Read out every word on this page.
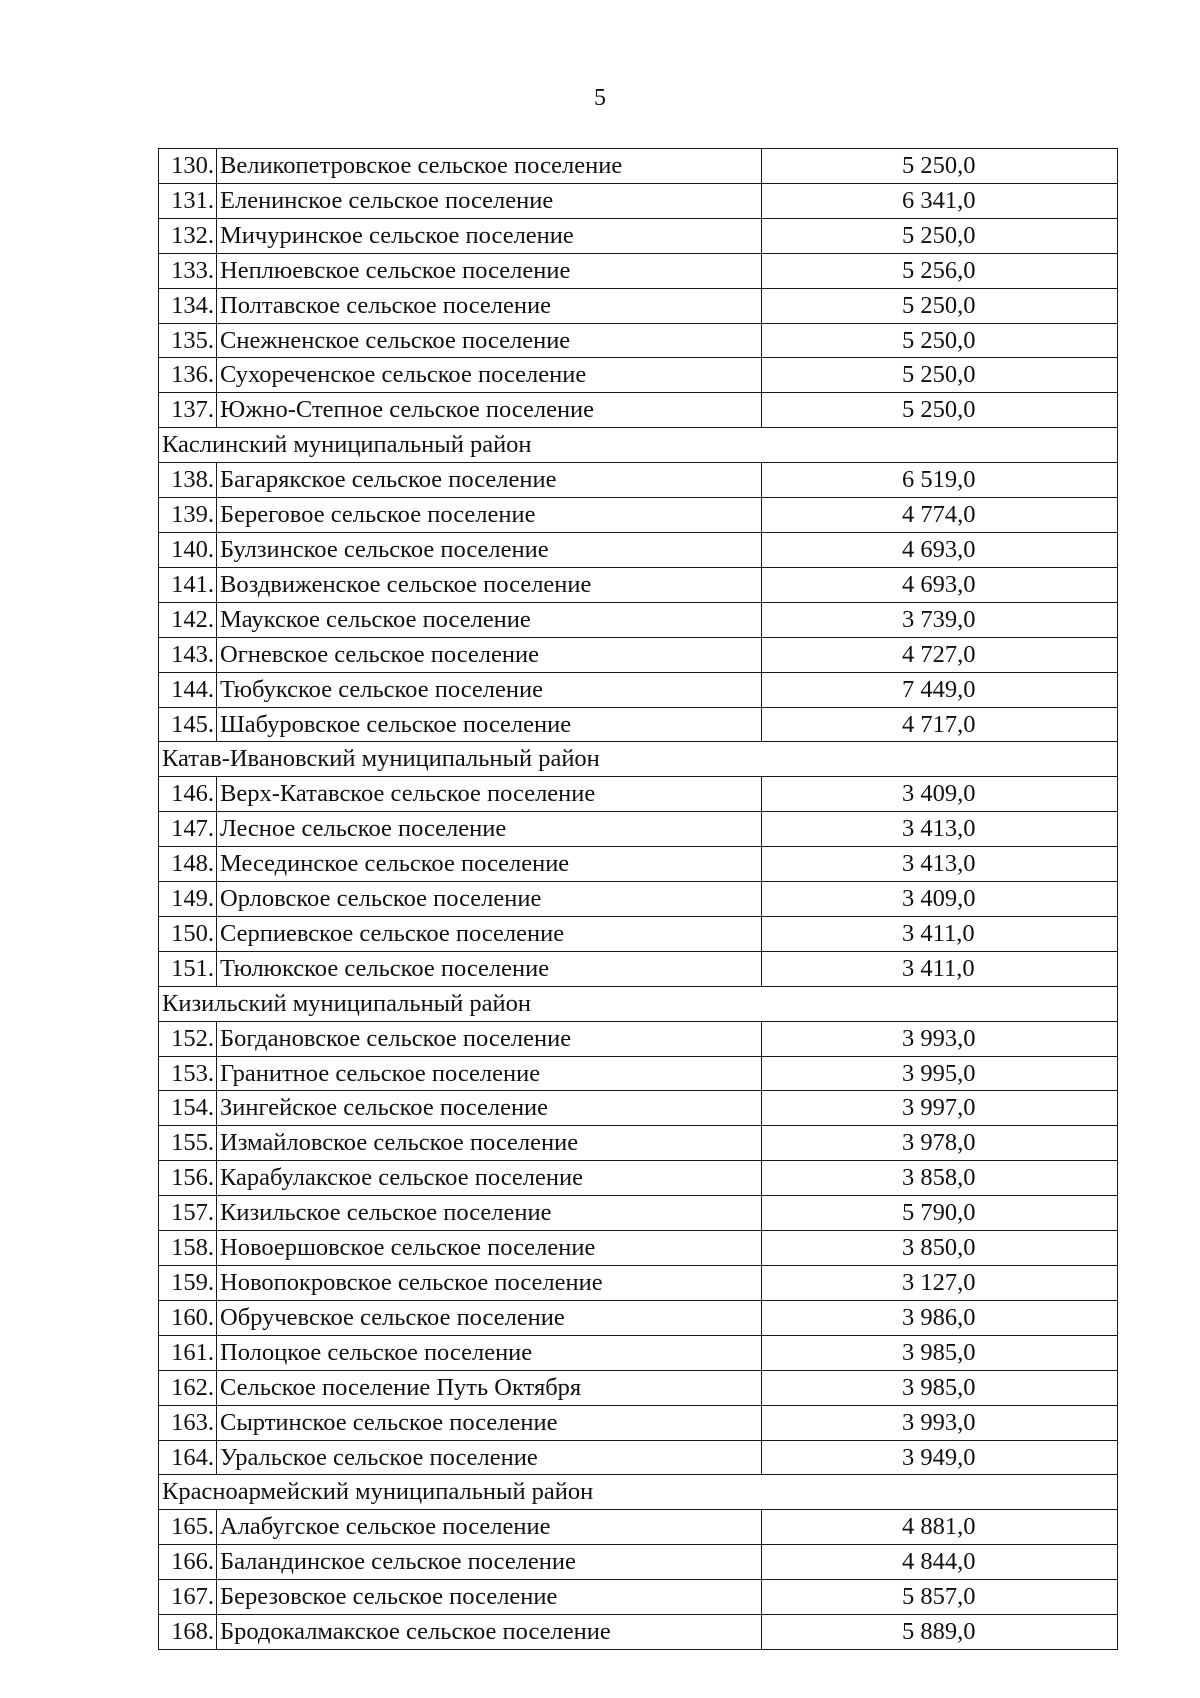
5
130.	Великопетровское сельское поселение	5 250,0
131.	Еленинское сельское поселение	6 341,0
132.	Мичуринское сельское поселение	5 250,0
133.	Неплюевское сельское поселение	5 256,0
134.	Полтавское сельское поселение	5 250,0
135.	Снежненское сельское поселение	5 250,0
136.	Сухореченское сельское поселение	5 250,0
137.	Южно-Степное сельское поселение	5 250,0
Каслинский муниципальный район		
138.	Багарякское сельское поселение	6 519,0
139.	Береговое сельское поселение	4 774,0
140.	Булзинское сельское поселение	4 693,0
141.	Воздвиженское сельское поселение	4 693,0
142.	Маукское сельское поселение	3 739,0
143.	Огневское сельское поселение	4 727,0
144.	Тюбукское сельское поселение	7 449,0
145.	Шабуровское сельское поселение	4 717,0
Катав-Ивановский муниципальный район		
146.	Верх-Катавское сельское поселение	3 409,0
147.	Лесное сельское поселение	3 413,0
148.	Месединское сельское поселение	3 413,0
149.	Орловское сельское поселение	3 409,0
150.	Серпиевское сельское поселение	3 411,0
151.	Тюлюкское сельское поселение	3 411,0
Кизильский муниципальный район		
152.	Богдановское сельское поселение	3 993,0
153.	Гранитное сельское поселение	3 995,0
154.	Зингейское сельское поселение	3 997,0
155.	Измайловское сельское поселение	3 978,0
156.	Карабулакское сельское поселение	3 858,0
157.	Кизильское сельское поселение	5 790,0
158.	Новоершовское сельское поселение	3 850,0
159.	Новопокровское сельское поселение	3 127,0
160.	Обручевское сельское поселение	3 986,0
161.	Полоцкое сельское поселение	3 985,0
162.	Сельское поселение Путь Октября	3 985,0
163.	Сыртинское сельское поселение	3 993,0
164.	Уральское сельское поселение	3 949,0
Красноармейский муниципальный район		
165.	Алабугское сельское поселение	4 881,0
166.	Баландинское сельское поселение	4 844,0
167.	Березовское сельское поселение	5 857,0
168.	Бродокалмакское сельское поселение	5 889,0
